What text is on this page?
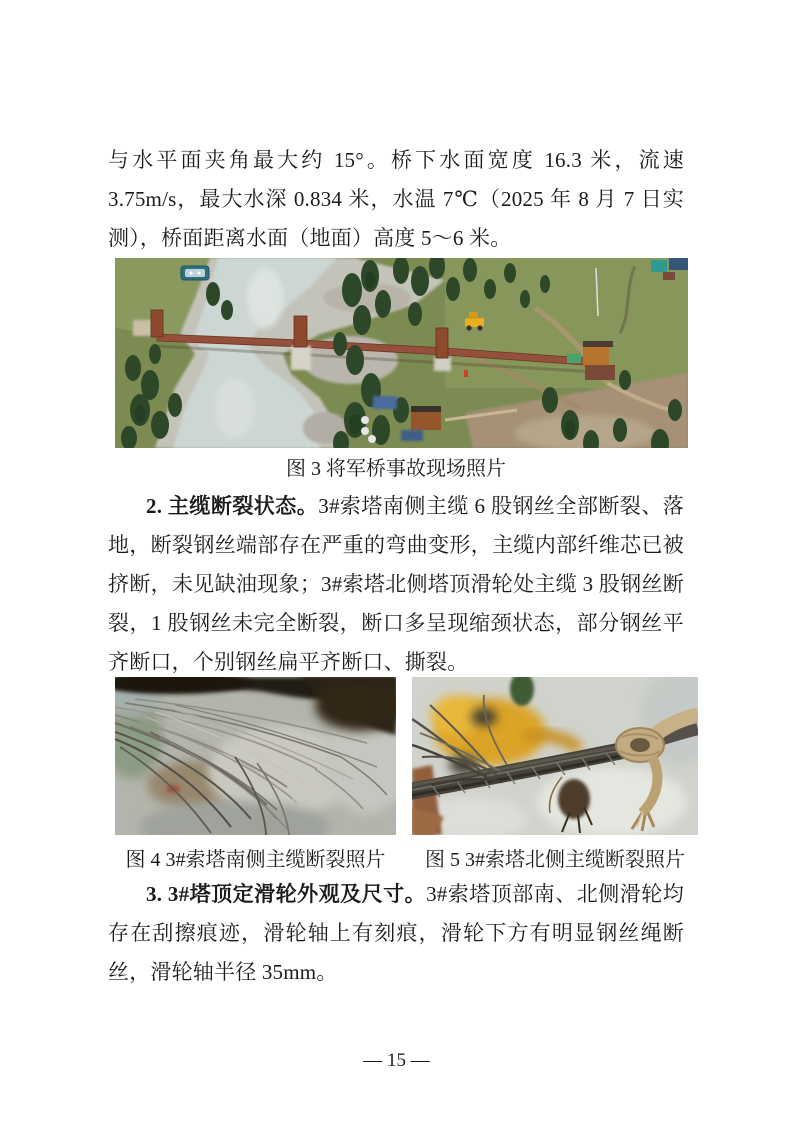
与水平面夹角最大约 15°。桥下水面宽度 16.3 米，流速 3.75m/s，最大水深 0.834 米，水温 7℃（2025 年 8 月 7 日实测），桥面距离水面（地面）高度 5～6 米。

图 3 将军桥事故现场照片

2. 主缆断裂状态。3#索塔南侧主缆 6 股钢丝全部断裂、落地，断裂钢丝端部存在严重的弯曲变形，主缆内部纤维芯已被挤断，未见缺油现象；3#索塔北侧塔顶滑轮处主缆 3 股钢丝断裂，1 股钢丝未完全断裂，断口多呈现缩颈状态，部分钢丝平齐断口，个别钢丝扁平齐断口、撕裂。

图 4 3#索塔南侧主缆断裂照片	图 5 3#索塔北侧主缆断裂照片

3. 3#塔顶定滑轮外观及尺寸。3#索塔顶部南、北侧滑轮均存在刮擦痕迹，滑轮轴上有刻痕，滑轮下方有明显钢丝绳断丝，滑轮轴半径 35mm。

— 15 —
